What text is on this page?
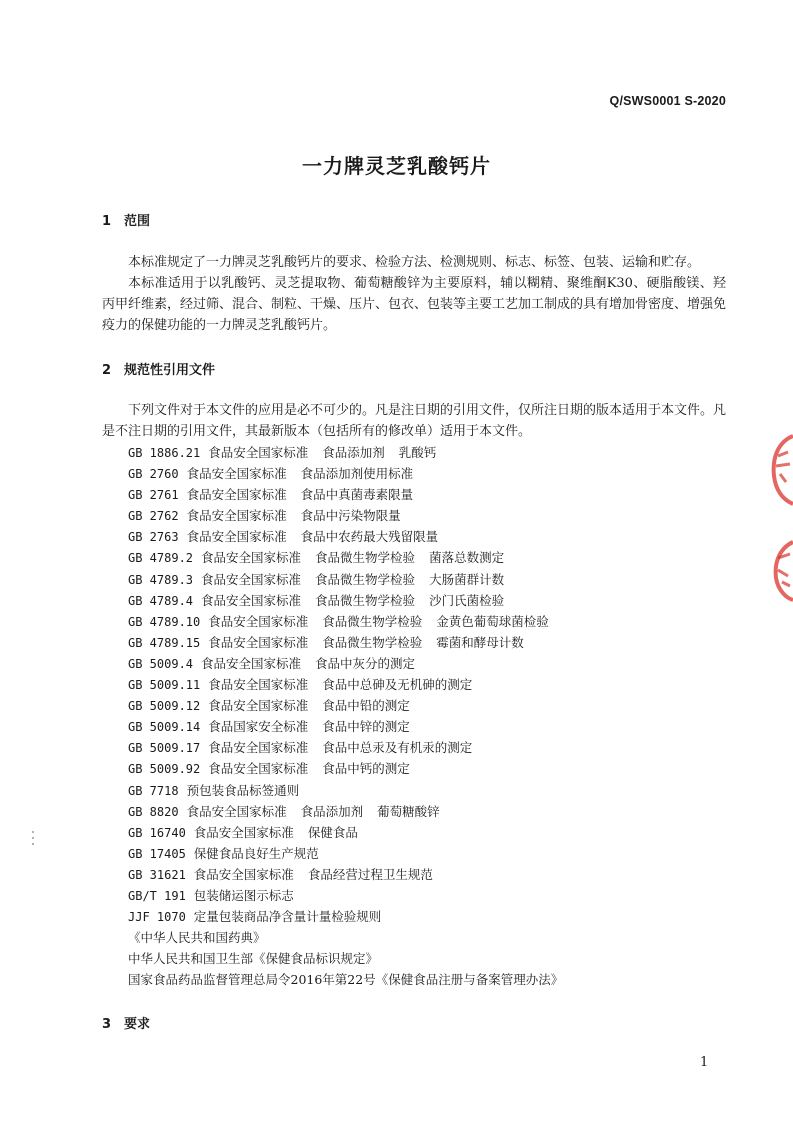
Q/SWS0001 S-2020
一力牌灵芝乳酸钙片
1 范围

本标准规定了一力牌灵芝乳酸钙片的要求、检验方法、检测规则、标志、标签、包装、运输和贮存。

本标准适用于以乳酸钙、灵芝提取物、葡萄糖酸锌为主要原料，辅以糊精、聚维酮K30、硬脂酸镁、羟丙甲纤维素，经过筛、混合、制粒、干燥、压片、包衣、包装等主要工艺加工制成的具有增加骨密度、增强免疫力的保健功能的一力牌灵芝乳酸钙片。

2 规范性引用文件

下列文件对于本文件的应用是必不可少的。凡是注日期的引用文件，仅所注日期的版本适用于本文件。凡是不注日期的引用文件，其最新版本（包括所有的修改单）适用于本文件。

GB 1886.21 食品安全国家标准 食品添加剂 乳酸钙
GB 2760 食品安全国家标准 食品添加剂使用标准
GB 2761 食品安全国家标准 食品中真菌毒素限量
GB 2762 食品安全国家标准 食品中污染物限量
GB 2763 食品安全国家标准 食品中农药最大残留限量
GB 4789.2 食品安全国家标准 食品微生物学检验 菌落总数测定
GB 4789.3 食品安全国家标准 食品微生物学检验 大肠菌群计数
GB 4789.4 食品安全国家标准 食品微生物学检验 沙门氏菌检验
GB 4789.10 食品安全国家标准 食品微生物学检验 金黄色葡萄球菌检验
GB 4789.15 食品安全国家标准 食品微生物学检验 霉菌和酵母计数
GB 5009.4 食品安全国家标准 食品中灰分的测定
GB 5009.11 食品安全国家标准 食品中总砷及无机砷的测定
GB 5009.12 食品安全国家标准 食品中铅的测定
GB 5009.14 食品国家安全标准 食品中锌的测定
GB 5009.17 食品安全国家标准 食品中总汞及有机汞的测定
GB 5009.92 食品安全国家标准 食品中钙的测定
GB 7718 预包装食品标签通则
GB 8820 食品安全国家标准 食品添加剂 葡萄糖酸锌
GB 16740 食品安全国家标准 保健食品
GB 17405 保健食品良好生产规范
GB 31621 食品安全国家标准 食品经营过程卫生规范
GB/T 191 包装储运图示标志
JJF 1070 定量包装商品净含量计量检验规则
《中华人民共和国药典》
中华人民共和国卫生部《保健食品标识规定》
国家食品药品监督管理总局令2016年第22号《保健食品注册与备案管理办法》
3 要求
1
